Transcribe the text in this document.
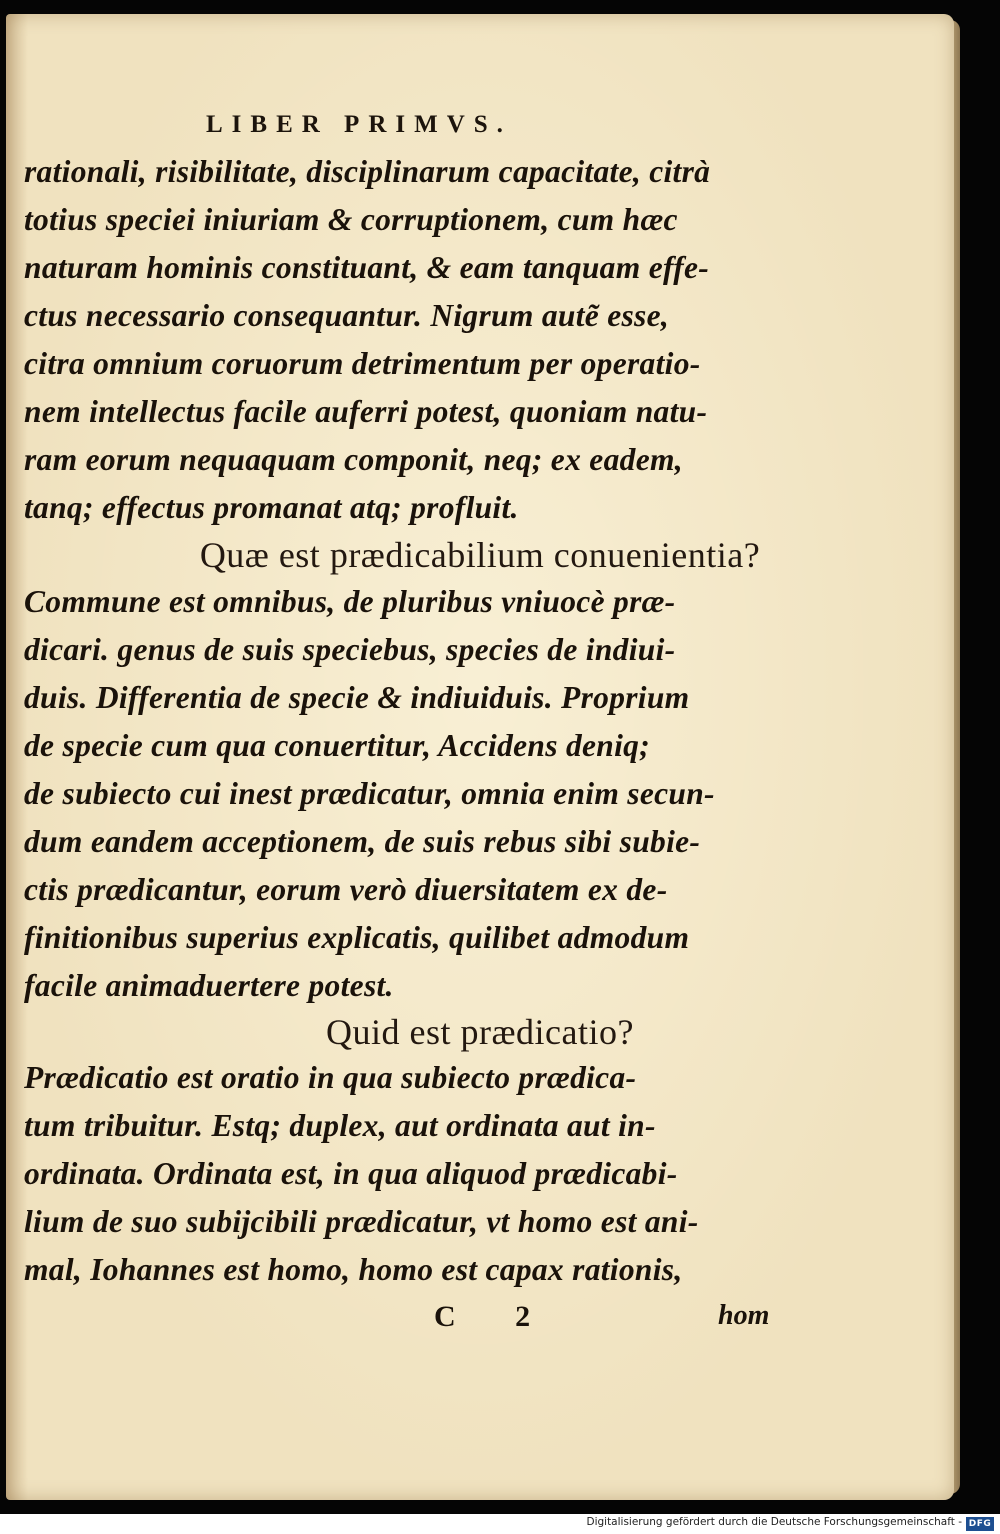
LIBER PRIMVS.
rationali, risibilitate, disciplinarum capacitate, citrà
totius speciei iniuriam & corruptionem, cum hæc
naturam hominis constituant, & eam tanquam effe-
ctus necessario consequantur. Nigrum autẽ esse,
citra omnium coruorum detrimentum per operatio-
nem intellectus facile auferri potest, quoniam natu-
ram eorum nequaquam componit, neq; ex eadem,
tanq; effectus promanat atq; profluit.
Quæ est prædicabilium conuenientia?
Commune est omnibus, de pluribus vniuocè præ-
dicari. genus de suis speciebus, species de indiui-
duis. Differentia de specie & indiuiduis. Proprium
de specie cum qua conuertitur, Accidens deniq;
de subiecto cui inest prædicatur, omnia enim secun-
dum eandem acceptionem, de suis rebus sibi subie-
ctis prædicantur, eorum verò diuersitatem ex de-
finitionibus superius explicatis, quilibet admodum
facile animaduertere potest.
Quid est prædicatio?
Prædicatio est oratio in qua subiecto prædica-
tum tribuitur. Estq; duplex, aut ordinata aut in-
ordinata. Ordinata est, in qua aliquod prædicabi-
lium de suo subijcibili prædicatur, vt homo est ani-
mal, Iohannes est homo, homo est capax rationis,
C 2	hom
Digitalisierung gefördert durch die Deutsche Forschungsgemeinschaft - DFG
